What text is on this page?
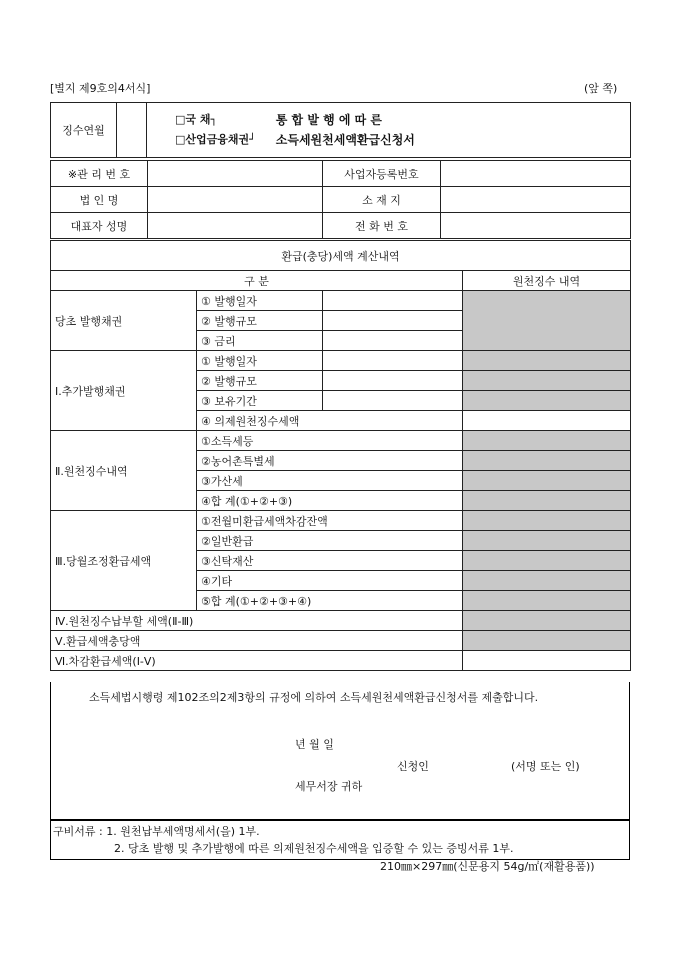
[별지 제9호의4서식]	(앞 쪽)
징수연월		
□국 채┐
□산업금융채권┘
통 합 발 행 에 따 른
소득세원천세액환급신청서
※관 리 번 호		사업자등록번호	
법 인 명		소 재 지	
대표자 성명		전 화 번 호	
환급(충당)세액 계산내역			
구 분			원천징수 내역
당초 발행채권	① 발행일자		
	② 발행규모		
	③ 금리		
Ⅰ.추가발행채권	① 발행일자		
	② 발행규모		
	③ 보유기간		
	④ 의제원천징수세액		
Ⅱ.원천징수내역	①소득세등		
	②농어촌특별세		
	③가산세		
	④합 계(①+②+③)		
Ⅲ.당월조정환급세액	①전월미환급세액차감잔액		
	②일반환급		
	③신탁재산		
	④기타		
	⑤합 계(①+②+③+④)		
Ⅳ.원천징수납부할 세액(Ⅱ-Ⅲ)			
Ⅴ.환급세액충당액			
Ⅵ.차감환급세액(Ⅰ-Ⅴ)			
소득세법시행령 제102조의2제3항의 규정에 의하여 소득세원천세액환급신청서를 제출합니다.
년 월 일
신청인	(서명 또는 인)
세무서장 귀하
구비서류 : 1. 원천납부세액명세서(을) 1부.
2. 당초 발행 및 추가발행에 따른 의제원천징수세액을 입증할 수 있는 증빙서류 1부.
210㎜×297㎜(신문용지 54g/㎡(재활용품))
